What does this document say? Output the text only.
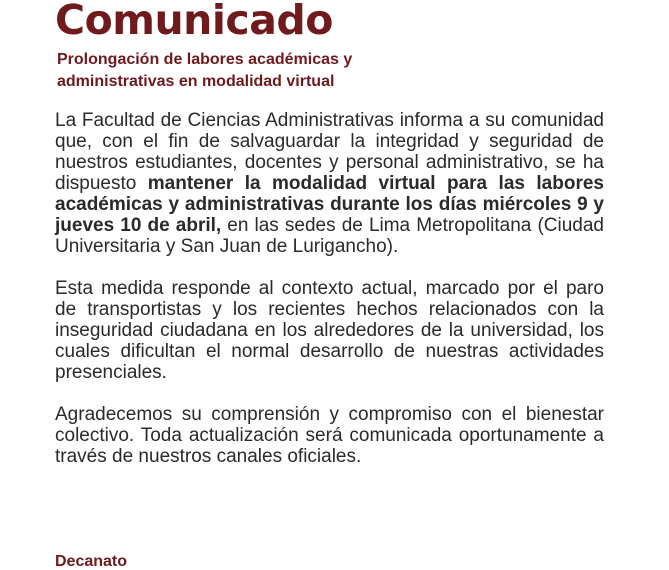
Comunicado
Prolongación de labores académicas y
administrativas en modalidad virtual

La Facultad de Ciencias Administrativas informa a su comunidad que, con el fin de salvaguardar la integridad y seguridad de nuestros estudiantes, docentes y personal administrativo, se ha dispuesto mantener la modalidad virtual para las labores académicas y administrativas durante los días miércoles 9 y jueves 10 de abril, en las sedes de Lima Metropolitana (Ciudad Universitaria y San Juan de Lurigancho).

Esta medida responde al contexto actual, marcado por el paro de transportistas y los recientes hechos relacionados con la inseguridad ciudadana en los alrededores de la universidad, los cuales dificultan el normal desarrollo de nuestras actividades presenciales.

Agradecemos su comprensión y compromiso con el bienestar colectivo. Toda actualización será comunicada oportunamente a través de nuestros canales oficiales.

Decanato
